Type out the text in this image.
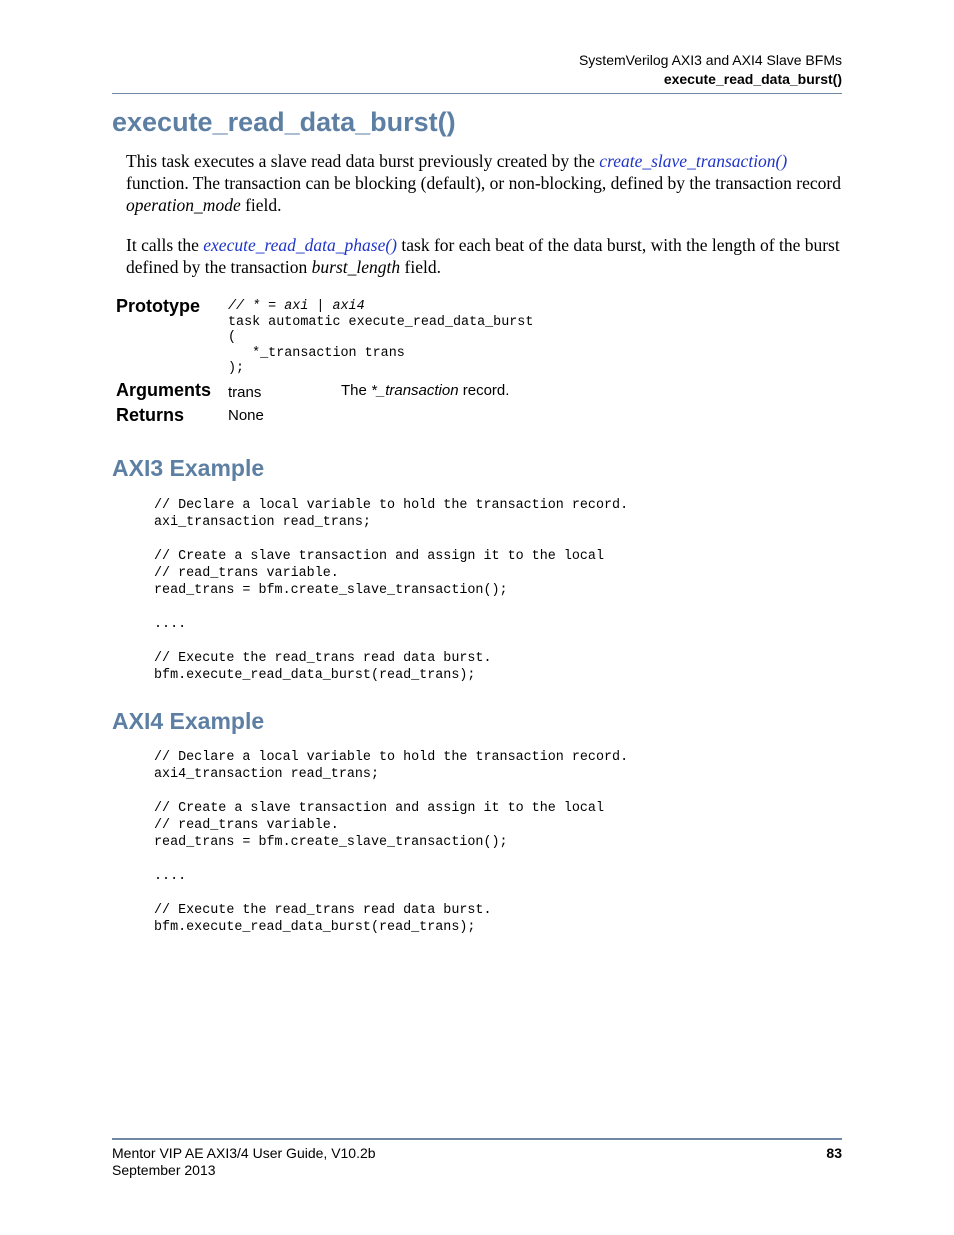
SystemVerilog AXI3 and AXI4 Slave BFMs
execute_read_data_burst()
execute_read_data_burst()

This task executes a slave read data burst previously created by the create_slave_transaction() function. The transaction can be blocking (default), or non-blocking, defined by the transaction record operation_mode field.

It calls the execute_read_data_phase() task for each beat of the data burst, with the length of the burst defined by the transaction burst_length field.

Prototype // * = axi | axi4
task automatic execute_read_data_burst
(
*_transaction trans
);
Arguments trans	The *_transaction record.
Returns	None
AXI3 Example
// Declare a local variable to hold the transaction record.
axi_transaction read_trans;

// Create a slave transaction and assign it to the local
// read_trans variable.
read_trans = bfm.create_slave_transaction();

....

// Execute the read_trans read data burst.
bfm.execute_read_data_burst(read_trans);
AXI4 Example
// Declare a local variable to hold the transaction record.
axi4_transaction read_trans;

// Create a slave transaction and assign it to the local
// read_trans variable.
read_trans = bfm.create_slave_transaction();

....

// Execute the read_trans read data burst.
bfm.execute_read_data_burst(read_trans);
Mentor VIP AE AXI3/4 User Guide, V10.2b
September 2013
83
